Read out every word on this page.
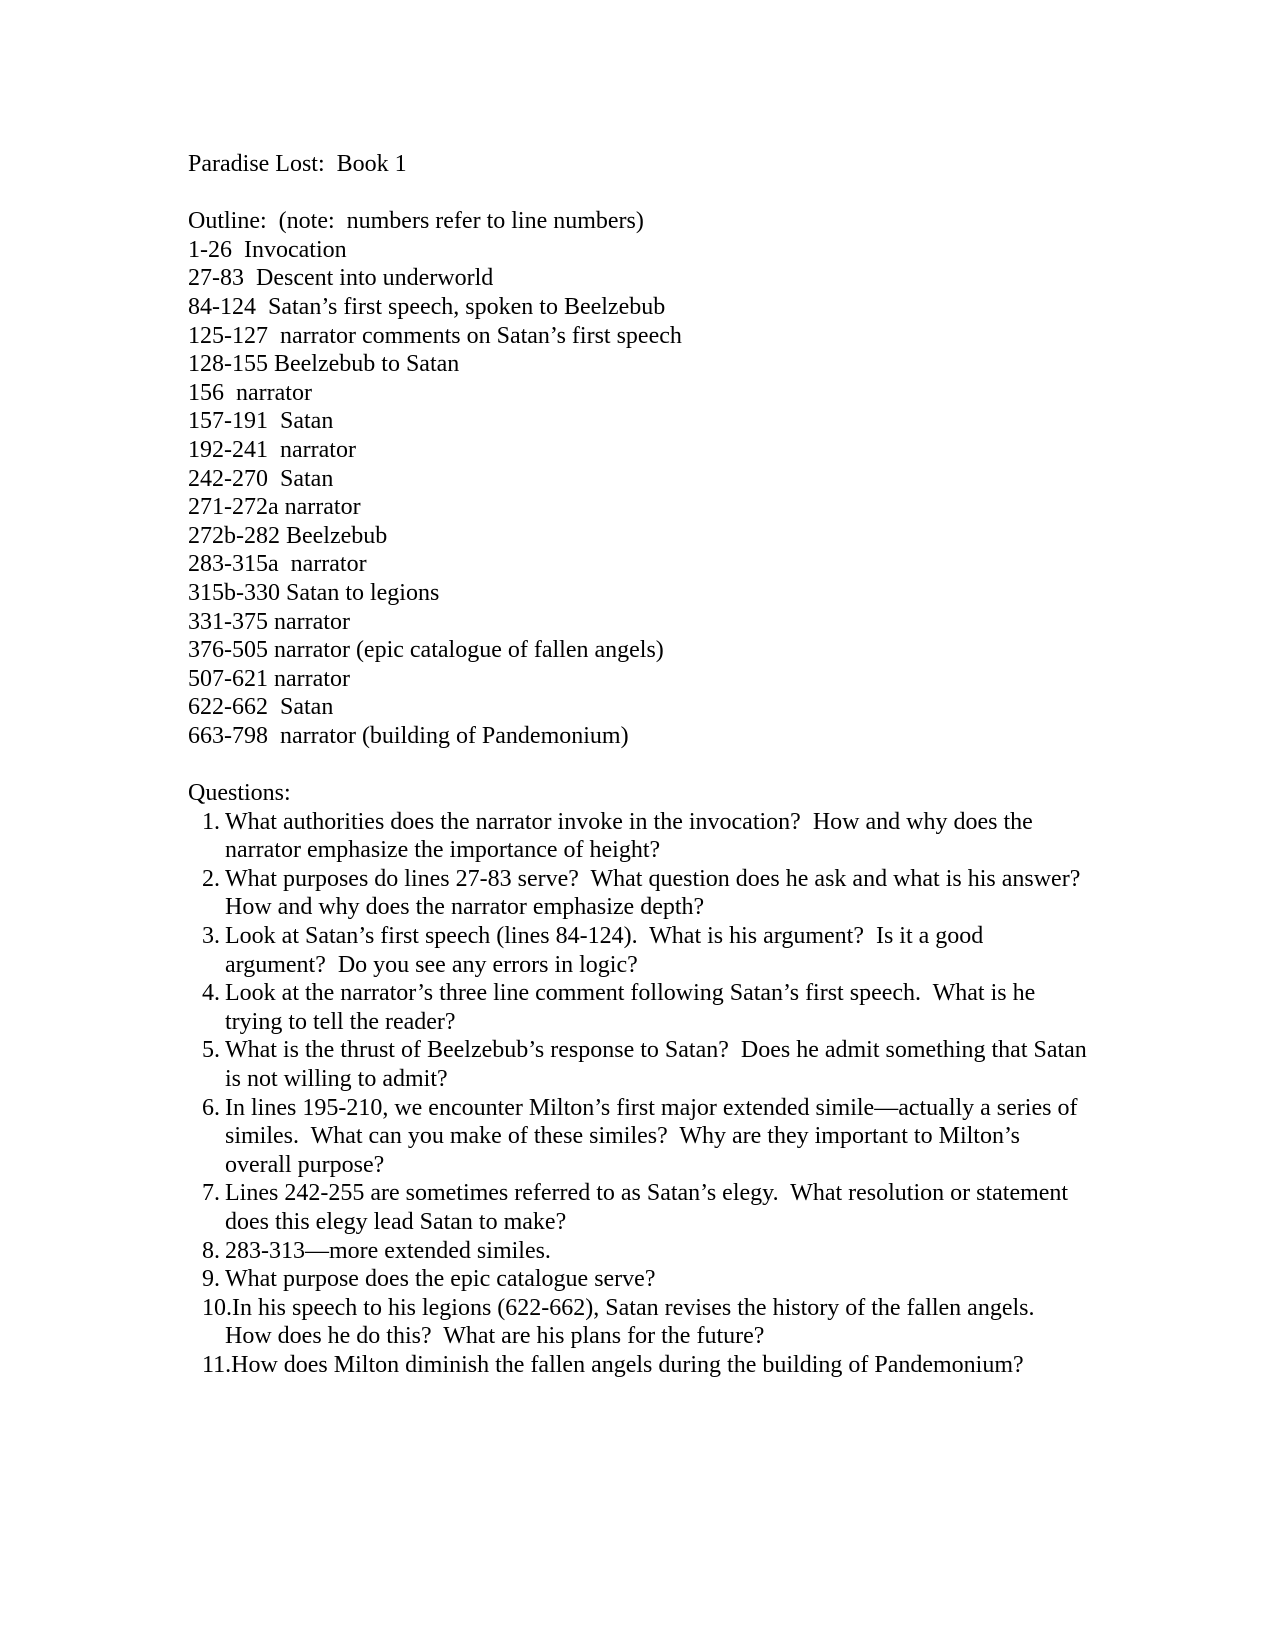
Paradise Lost:  Book 1

Outline:  (note:  numbers refer to line numbers)

1-26  Invocation

27-83  Descent into underworld

84-124  Satan’s first speech, spoken to Beelzebub

125-127  narrator comments on Satan’s first speech

128-155 Beelzebub to Satan

156  narrator

157-191  Satan

192-241  narrator

242-270  Satan

271-272a narrator

272b-282 Beelzebub

283-315a  narrator

315b-330 Satan to legions

331-375 narrator

376-505 narrator (epic catalogue of fallen angels)

507-621 narrator

622-662  Satan

663-798  narrator (building of Pandemonium)

Questions:

1. What authorities does the narrator invoke in the invocation?  How and why does the narrator emphasize the importance of height?
2. What purposes do lines 27-83 serve?  What question does he ask and what is his answer?  How and why does the narrator emphasize depth?
3. Look at Satan’s first speech (lines 84-124).  What is his argument?  Is it a good argument?  Do you see any errors in logic?
4. Look at the narrator’s three line comment following Satan’s first speech.  What is he trying to tell the reader?
5. What is the thrust of Beelzebub’s response to Satan?  Does he admit something that Satan is not willing to admit?
6. In lines 195-210, we encounter Milton’s first major extended simile—actually a series of similes.  What can you make of these similes?  Why are they important to Milton’s overall purpose?
7. Lines 242-255 are sometimes referred to as Satan’s elegy.  What resolution or statement does this elegy lead Satan to make?
8. 283-313—more extended similes.
9. What purpose does the epic catalogue serve?
10.In his speech to his legions (622-662), Satan revises the history of the fallen angels.  How does he do this?  What are his plans for the future?
11.How does Milton diminish the fallen angels during the building of Pandemonium?
